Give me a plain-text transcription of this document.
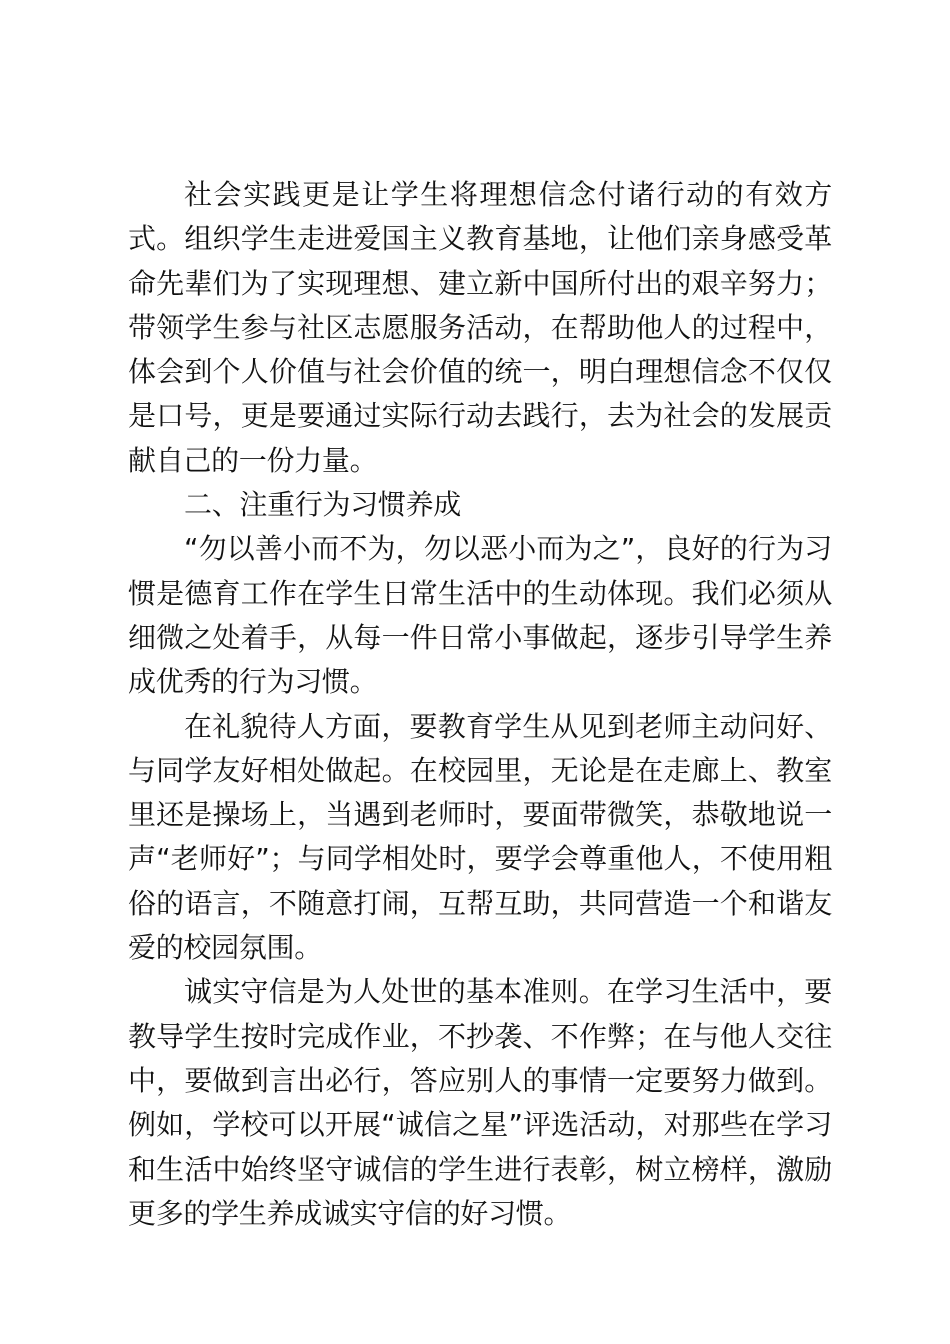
社会实践更是让学生将理想信念付诸行动的有效方式。组织学生走进爱国主义教育基地，让他们亲身感受革命先辈们为了实现理想、建立新中国所付出的艰辛努力；带领学生参与社区志愿服务活动，在帮助他人的过程中，体会到个人价值与社会价值的统一，明白理想信念不仅仅是口号，更是要通过实际行动去践行，去为社会的发展贡献自己的一份力量。

二、注重行为习惯养成

“勿以善小而不为，勿以恶小而为之”，良好的行为习惯是德育工作在学生日常生活中的生动体现。我们必须从细微之处着手，从每一件日常小事做起，逐步引导学生养成优秀的行为习惯。

在礼貌待人方面，要教育学生从见到老师主动问好、与同学友好相处做起。在校园里，无论是在走廊上、教室里还是操场上，当遇到老师时，要面带微笑，恭敬地说一声“老师好”；与同学相处时，要学会尊重他人，不使用粗俗的语言，不随意打闹，互帮互助，共同营造一个和谐友爱的校园氛围。

诚实守信是为人处世的基本准则。在学习生活中，要教导学生按时完成作业，不抄袭、不作弊；在与他人交往中，要做到言出必行，答应别人的事情一定要努力做到。例如，学校可以开展“诚信之星”评选活动，对那些在学习和生活中始终坚守诚信的学生进行表彰，树立榜样，激励更多的学生养成诚实守信的好习惯。
